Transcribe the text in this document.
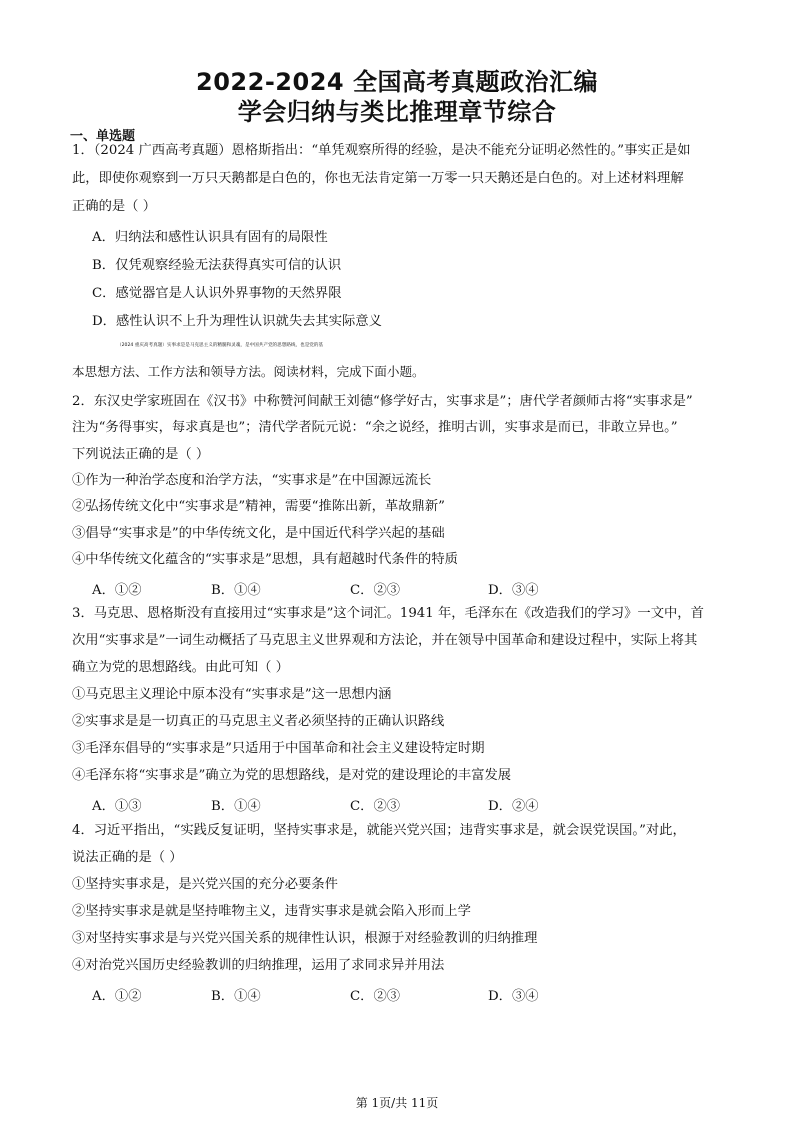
2022-2024 全国高考真题政治汇编
学会归纳与类比推理章节综合
一、单选题
1．（2024 广西高考真题）恩格斯指出：“单凭观察所得的经验，是决不能充分证明必然性的。”事实正是如
此，即使你观察到一万只天鹅都是白色的，你也无法肯定第一万零一只天鹅还是白色的。对上述材料理解
正确的是（ ）
A．归纳法和感性认识具有固有的局限性
B．仅凭观察经验无法获得真实可信的认识
C．感觉器官是人认识外界事物的天然界限
D．感性认识不上升为理性认识就失去其实际意义
（2024 重庆高考真题）实事求是是马克思主义的精髓和灵魂，是中国共产党的思想路线，也是党的基
本思想方法、工作方法和领导方法。阅读材料，完成下面小题。
2．东汉史学家班固在《汉书》中称赞河间献王刘德“修学好古，实事求是”；唐代学者颜师古将“实事求是”
注为“务得事实，每求真是也”；清代学者阮元说：“余之说经，推明古训，实事求是而已，非敢立异也。”
下列说法正确的是（ ）
①作为一种治学态度和治学方法，“实事求是”在中国源远流长
②弘扬传统文化中“实事求是”精神，需要“推陈出新，革故鼎新”
③倡导“实事求是”的中华传统文化，是中国近代科学兴起的基础
④中华传统文化蕴含的“实事求是”思想，具有超越时代条件的特质
A．①②	B．①④	C．②③	D．③④
3．马克思、恩格斯没有直接用过“实事求是”这个词汇。1941 年，毛泽东在《改造我们的学习》一文中，首
次用“实事求是”一词生动概括了马克思主义世界观和方法论，并在领导中国革命和建设过程中，实际上将其
确立为党的思想路线。由此可知（ ）
①马克思主义理论中原本没有“实事求是”这一思想内涵
②实事求是是一切真正的马克思主义者必须坚持的正确认识路线
③毛泽东倡导的“实事求是”只适用于中国革命和社会主义建设特定时期
④毛泽东将“实事求是”确立为党的思想路线，是对党的建设理论的丰富发展
A．①③	B．①④	C．②③	D．②④
4．习近平指出，“实践反复证明，坚持实事求是，就能兴党兴国；违背实事求是，就会误党误国。”对此，
说法正确的是（ ）
①坚持实事求是，是兴党兴国的充分必要条件
②坚持实事求是就是坚持唯物主义，违背实事求是就会陷入形而上学
③对坚持实事求是与兴党兴国关系的规律性认识，根源于对经验教训的归纳推理
④对治党兴国历史经验教训的归纳推理，运用了求同求异并用法
A．①②	B．①④	C．②③	D．③④
第 1页/共 11页
